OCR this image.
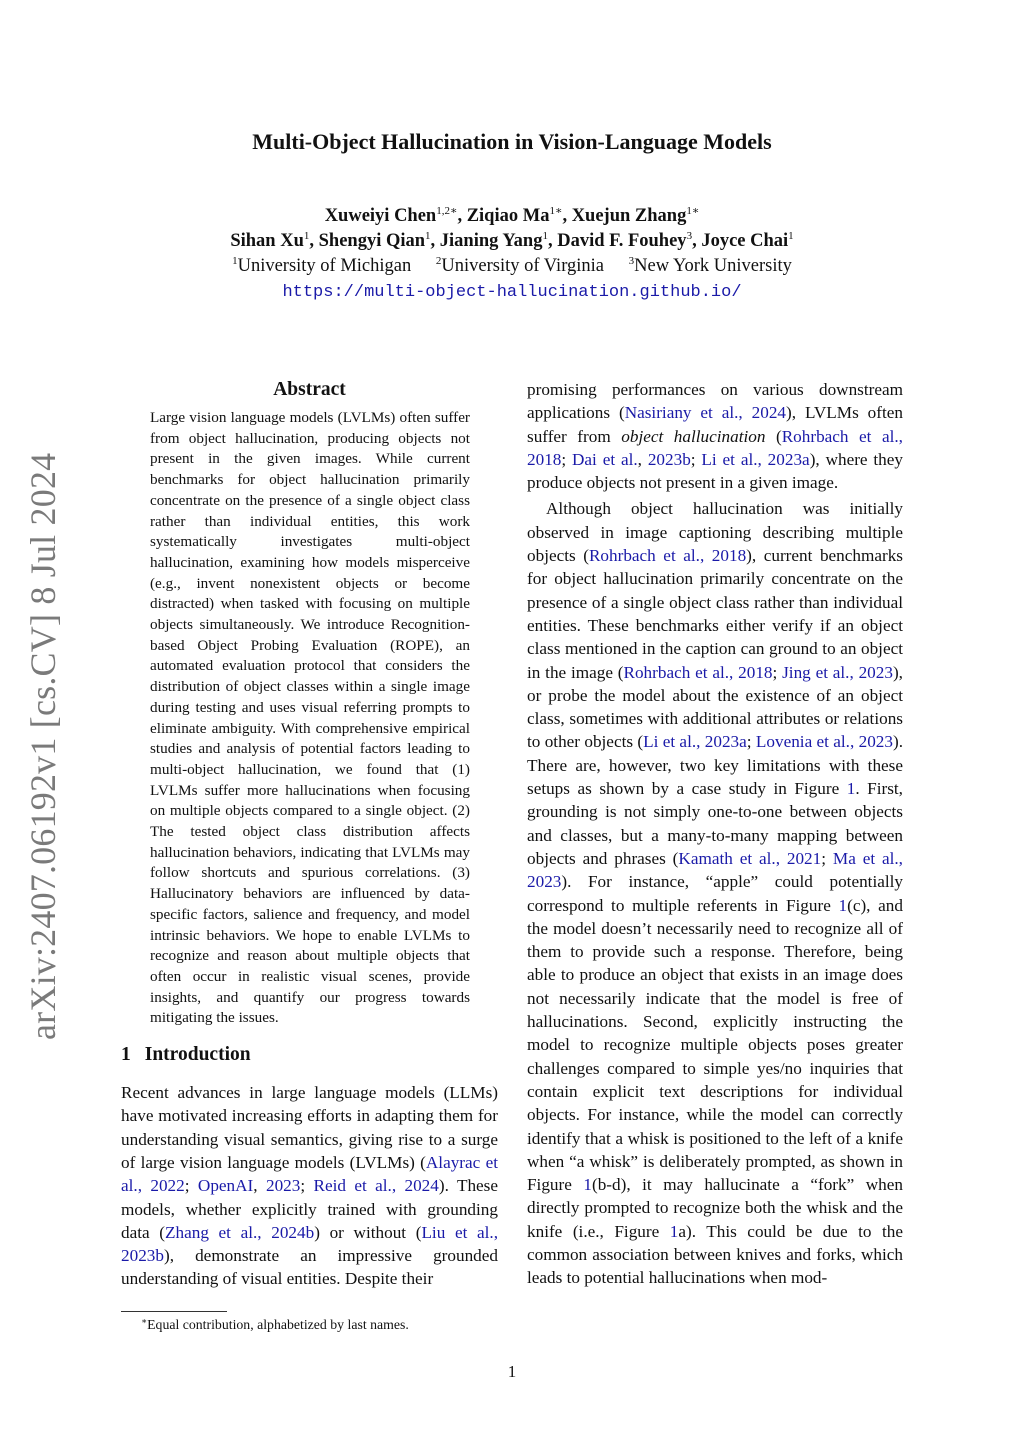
Multi-Object Hallucination in Vision-Language Models
Xuweiyi Chen$^{1,2∗}$, Ziqiao $Ma^{1∗}$, Xuejun Zhang$^{1∗}$
Sihan Xu$^1$, Shengyi Qian$^1$, Jianing Yang$^1$, David F. Fouhey$^3$, Joyce Chai$^1$
$^1$University of Michigan $^2$University of Virginia $^3$New York University
https://multi-object-hallucination.github.io/
arXiv:2407.06192v1 [cs.CV] 8 Jul 2024
Abstract

Large vision language models (LVLMs) often suffer from object hallucination, producing objects not present in the given images. While current benchmarks for object hallucination primarily concentrate on the presence of a single object class rather than individual entities, this work systematically investigates multi-object hallucination, examining how models misperceive (e.g., invent nonexistent objects or become distracted) when tasked with focusing on multiple objects simultaneously. We introduce Recognition-based Object Probing Evaluation (ROPE), an automated evaluation protocol that considers the distribution of object classes within a single image during testing and uses visual referring prompts to eliminate ambiguity. With comprehensive empirical studies and analysis of potential factors leading to multi-object hallucination, we found that (1) LVLMs suffer more hallucinations when focusing on multiple objects compared to a single object. (2) The tested object class distribution affects hallucination behaviors, indicating that LVLMs may follow shortcuts and spurious correlations. (3) Hallucinatory behaviors are influenced by data-specific factors, salience and frequency, and model intrinsic behaviors. We hope to enable LVLMs to recognize and reason about multiple objects that often occur in realistic visual scenes, provide insights, and quantify our progress towards mitigating the issues.

1 Introduction

Recent advances in large language models (LLMs) have motivated increasing efforts in adapting them for understanding visual semantics, giving rise to a surge of large vision language models (LVLMs) (Alayrac et al., 2022; OpenAI, 2023; Reid et al., 2024). These models, whether explicitly trained with grounding data (Zhang et al., 2024b) or without (Liu et al., 2023b), demonstrate an impressive grounded understanding of visual entities. Despite their

promising performances on various downstream applications (Nasiriany et al., 2024), LVLMs often suffer from object hallucination (Rohrbach et al., 2018; Dai et al., 2023b; Li et al., 2023a), where they produce objects not present in a given image.

Although object hallucination was initially observed in image captioning describing multiple objects (Rohrbach et al., 2018), current benchmarks for object hallucination primarily concentrate on the presence of a single object class rather than individual entities. These benchmarks either verify if an object class mentioned in the caption can ground to an object in the image (Rohrbach et al., 2018; Jing et al., 2023), or probe the model about the existence of an object class, sometimes with additional attributes or relations to other objects (Li et al., 2023a; Lovenia et al., 2023). There are, however, two key limitations with these setups as shown by a case study in Figure 1. First, grounding is not simply one-to-one between objects and classes, but a many-to-many mapping between objects and phrases (Kamath et al., 2021; Ma et al., 2023). For instance, “apple” could potentially correspond to multiple referents in Figure 1(c), and the model doesn’t necessarily need to recognize all of them to provide such a response. Therefore, being able to produce an object that exists in an image does not necessarily indicate that the model is free of hallucinations. Second, explicitly instructing the model to recognize multiple objects poses greater challenges compared to simple yes/no inquiries that contain explicit text descriptions for individual objects. For instance, while the model can correctly identify that a whisk is positioned to the left of a knife when “a whisk” is deliberately prompted, as shown in Figure 1(b-d), it may hallucinate a “fork” when directly prompted to recognize both the whisk and the knife (i.e., Figure 1a). This could be due to the common association between knives and forks, which leads to potential hallucinations when mod-

∗Equal contribution, alphabetized by last names.
1
